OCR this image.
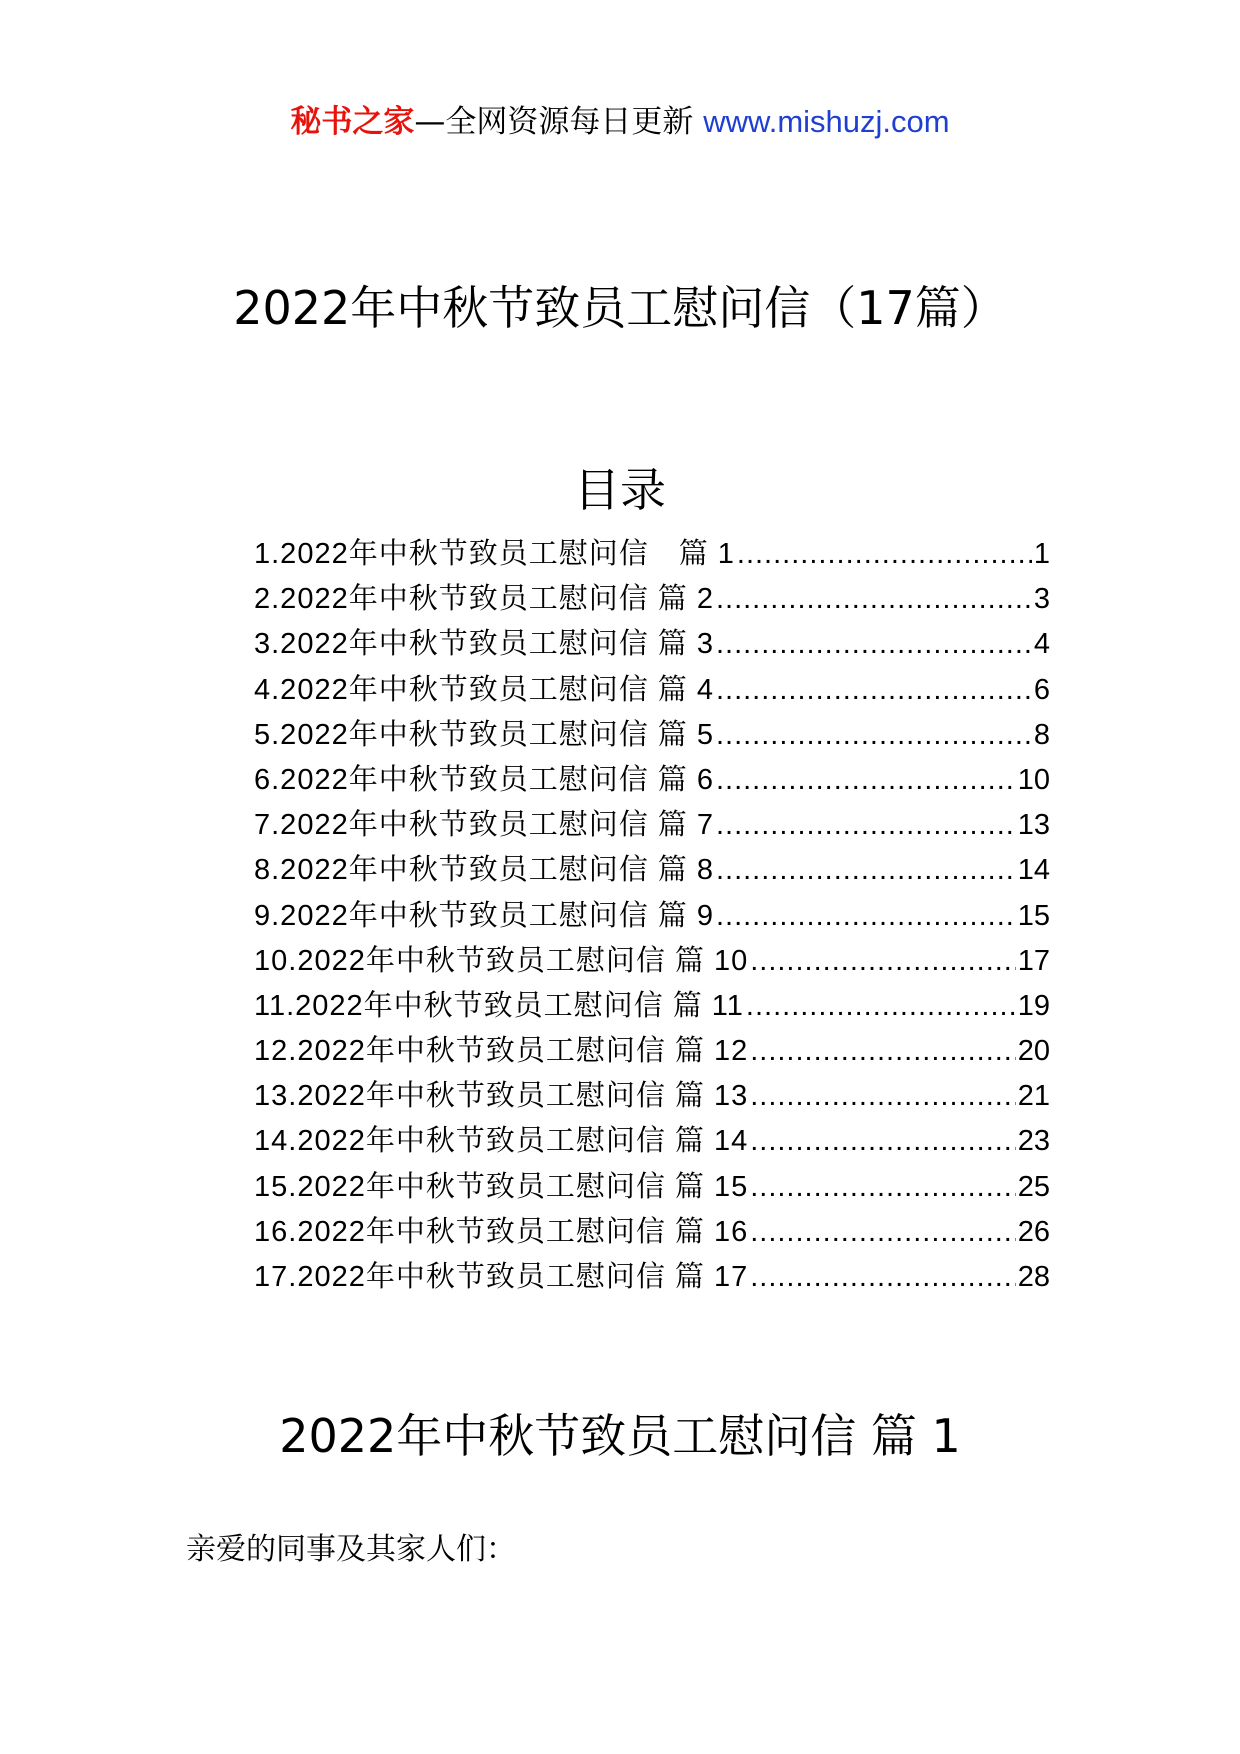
秘书之家—全网资源每日更新 www.mishuzj.com
2022年中秋节致员工慰问信（17篇）
目录
1.2022年中秋节致员工慰问信　篇 1 .....	1
2.2022年中秋节致员工慰问信 篇 2 .....	3
3.2022年中秋节致员工慰问信 篇 3 .....	4
4.2022年中秋节致员工慰问信 篇 4 .....	6
5.2022年中秋节致员工慰问信 篇 5 .....	8
6.2022年中秋节致员工慰问信 篇 6 .....	10
7.2022年中秋节致员工慰问信 篇 7 .....	13
8.2022年中秋节致员工慰问信 篇 8 .....	14
9.2022年中秋节致员工慰问信 篇 9 .....	15
10.2022年中秋节致员工慰问信 篇 10 .....	17
11.2022年中秋节致员工慰问信 篇 11 .....	19
12.2022年中秋节致员工慰问信 篇 12 .....	20
13.2022年中秋节致员工慰问信 篇 13 .....	21
14.2022年中秋节致员工慰问信 篇 14 .....	23
15.2022年中秋节致员工慰问信 篇 15 .....	25
16.2022年中秋节致员工慰问信 篇 16 .....	26
17.2022年中秋节致员工慰问信 篇 17 .....	28
2022年中秋节致员工慰问信 篇 1
亲爱的同事及其家人们：
